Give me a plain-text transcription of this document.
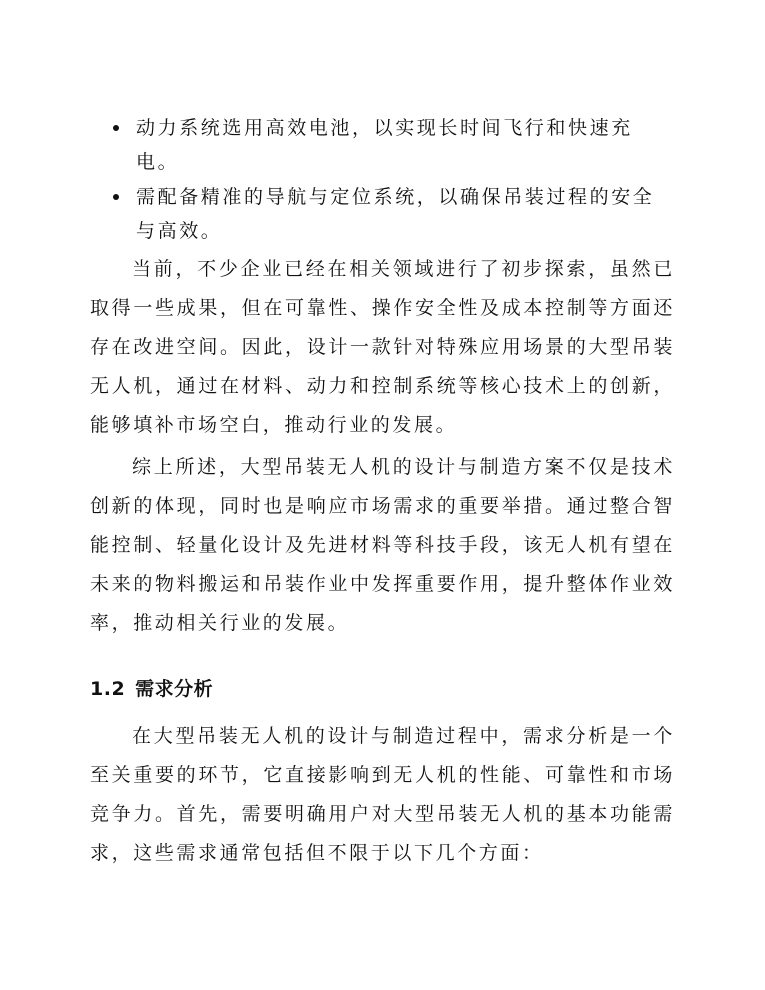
动力系统选用高效电池，以实现长时间飞行和快速充电。
需配备精准的导航与定位系统，以确保吊装过程的安全与高效。

当前，不少企业已经在相关领域进行了初步探索，虽然已取得一些成果，但在可靠性、操作安全性及成本控制等方面还存在改进空间。因此，设计一款针对特殊应用场景的大型吊装无人机，通过在材料、动力和控制系统等核心技术上的创新，能够填补市场空白，推动行业的发展。

综上所述，大型吊装无人机的设计与制造方案不仅是技术创新的体现，同时也是响应市场需求的重要举措。通过整合智能控制、轻量化设计及先进材料等科技手段，该无人机有望在未来的物料搬运和吊装作业中发挥重要作用，提升整体作业效率，推动相关行业的发展。

1.2 需求分析

在大型吊装无人机的设计与制造过程中，需求分析是一个至关重要的环节，它直接影响到无人机的性能、可靠性和市场竞争力。首先，需要明确用户对大型吊装无人机的基本功能需求，这些需求通常包括但不限于以下几个方面：
